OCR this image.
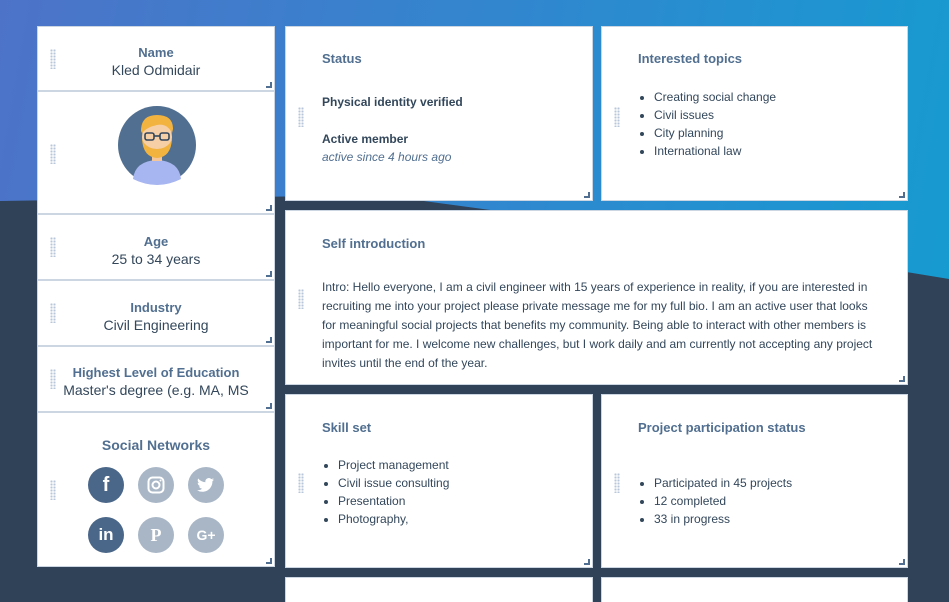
Name
Kled Odmidair
Age
25 to 34 years
Industry
Civil Engineering
Highest Level of Education
Master's degree (e.g. MA, MS
Social Networks
f
in P G+
Status
Physical identity verified
Active member
active since 4 hours ago
Interested topics
• Creating social change
• Civil issues
• City planning
• International law
Self introduction
Intro: Hello everyone, I am a civil engineer with 15 years of experience in reality, if you are interested in recruiting me into your project please private message me for my full bio. I am an active user that looks for meaningful social projects that benefits my community. Being able to interact with other members is important for me. I welcome new challenges, but I work daily and am currently not accepting any project invites until the end of the year.
Skill set
• Project management
• Civil issue consulting
• Presentation
• Photography,
Project participation status
• Participated in 45 projects
• 12 completed
• 33 in progress
